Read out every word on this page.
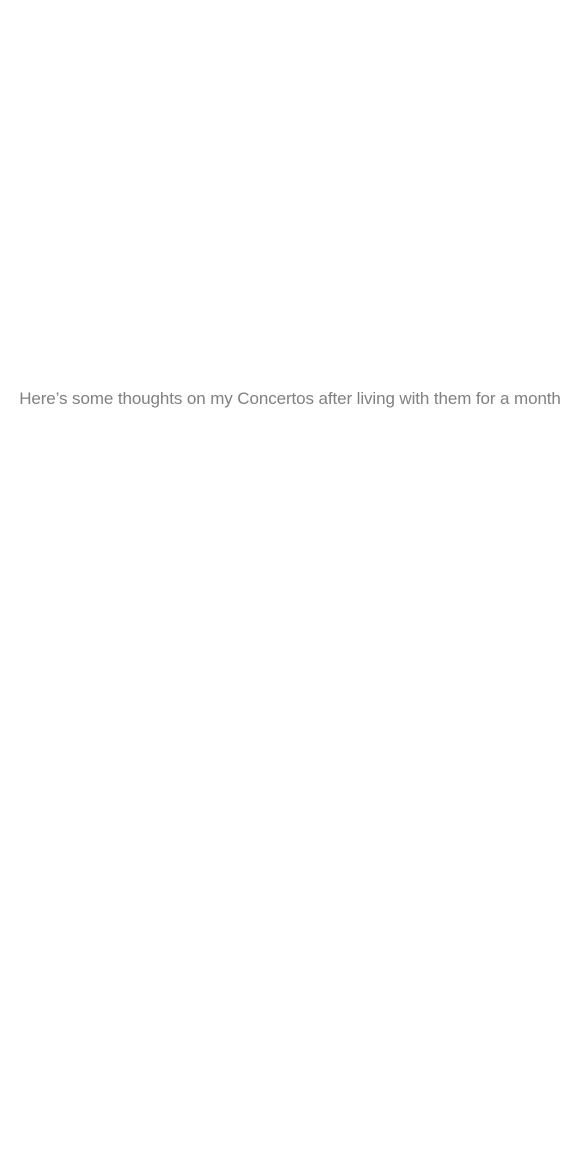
Here’s some thoughts on my Concertos after living with them for a month
